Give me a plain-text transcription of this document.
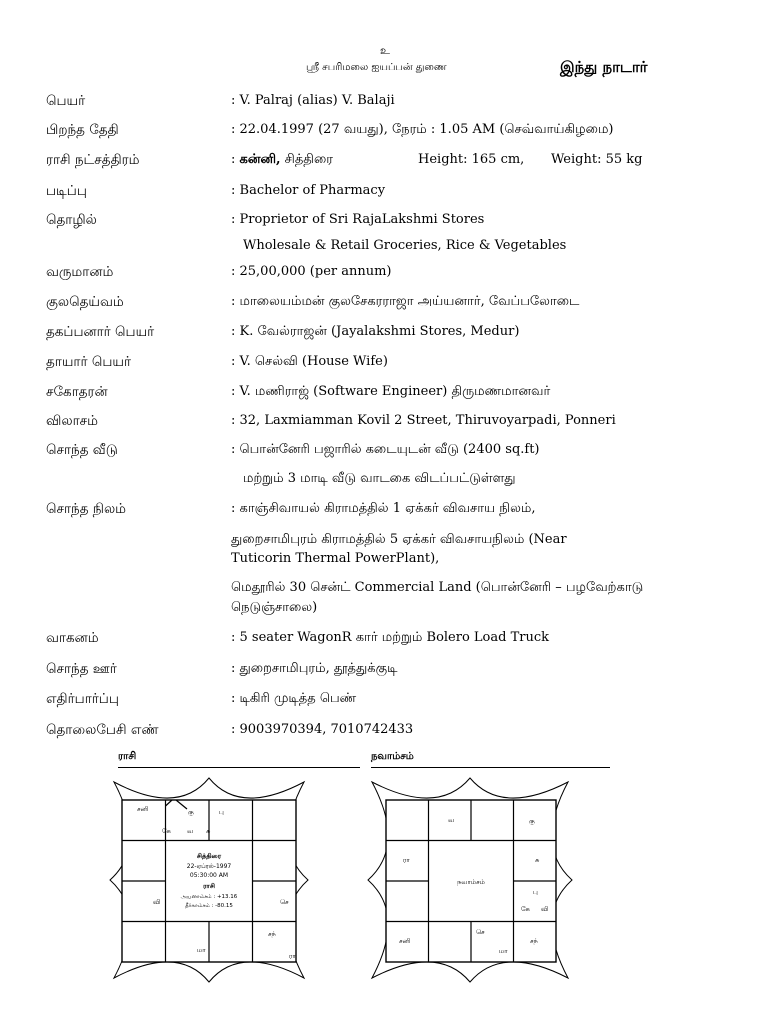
உ
ஸ்ரீ சபரிமலை ஐயப்பன் துணை	இந்து நாடார்
பெயர்	: V. Palraj (alias) V. Balaji
பிறந்த தேதி	: 22.04.1997 (27 வயது), நேரம் : 1.05 AM (செவ்வாய்கிழமை)
ராசி நட்சத்திரம்	: கன்னி, சித்திரை	Height: 165 cm, Weight: 55 kg
படிப்பு	: Bachelor of Pharmacy
தொழில்	: Proprietor of Sri RajaLakshmi Stores
Wholesale & Retail Groceries, Rice & Vegetables
வருமானம்	: 25,00,000 (per annum)
குலதெய்வம்	: மாலையம்மன் குலசேகரராஜா அய்யனார், வேப்பலோடை
தகப்பனார் பெயர்	: K. வேல்ராஜன் (Jayalakshmi Stores, Medur)
தாயார் பெயர்	: V. செல்வி (House Wife)
சகோதரன்	: V. மணிராஜ் (Software Engineer) திருமணமானவர்
விலாசம்	: 32, Laxmiamman Kovil 2 Street, Thiruvoyarpadi, Ponneri
சொந்த வீடு	: பொன்னேரி பஜாரில் கடையுடன் வீடு (2400 sq.ft)
மற்றும் 3 மாடி வீடு வாடகை விடப்பட்டுள்ளது
சொந்த நிலம்	: காஞ்சிவாயல் கிராமத்தில் 1 ஏக்கர் விவசாய நிலம்,
துறைசாமிபுரம் கிராமத்தில் 5 ஏக்கர் விவசாயநிலம் (Near
Tuticorin Thermal PowerPlant),
மெதூரில் 30 சென்ட் Commercial Land (பொன்னேரி – பழவேற்காடு
நெடுஞ்சாலை)
வாகனம்	: 5 seater WagonR கார் மற்றும் Bolero Load Truck
சொந்த ஊர்	: துறைசாமிபுரம், தூத்துக்குடி
எதிர்பார்ப்பு	: டிகிரி முடித்த பெண்
தொலைபேசி எண்	: 9003970394, 7010742433
ராசி	நவாம்சம்
சனி	கு	பு
கே வ சு
வி	செ
மா
சந்
ரா
சித்திரை
22-ஏப்ரல்-1997
05:30:00 AM
ராசி
அயனாம்சம் : +13.16
தீர்காம்சம் : -80.15
வ	கு
ரா	சு
பு
கே வி
சனி
செ
மா
சந்
நவாம்சம்
